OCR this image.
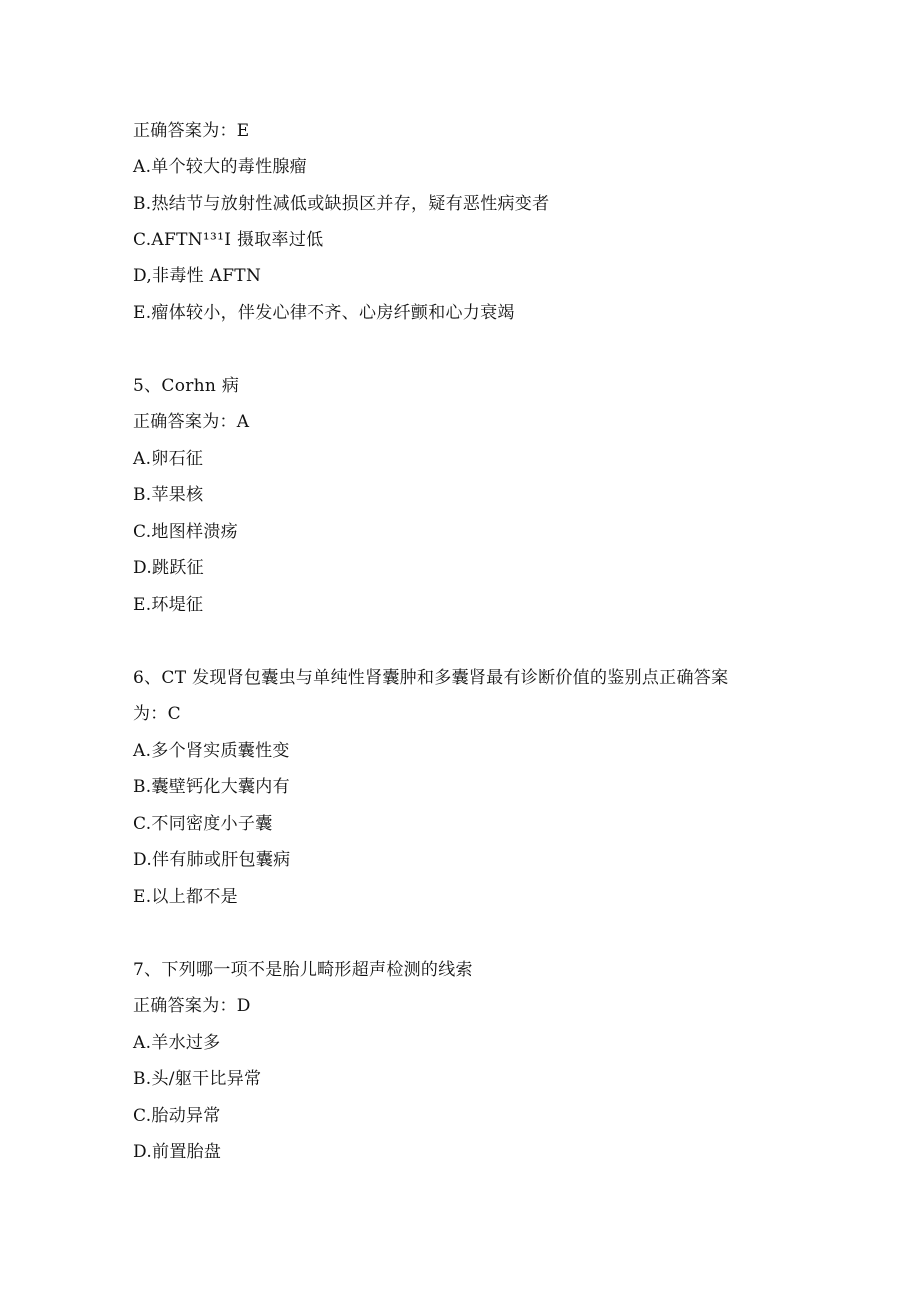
正确答案为：E
A.单个较大的毒性腺瘤
B.热结节与放射性减低或缺损区并存，疑有恶性病变者
C.AFTN¹³¹I 摄取率过低
D,非毒性 AFTN
E.瘤体较小，伴发心律不齐、心房纤颤和心力衰竭
5、Corhn 病
正确答案为：A
A.卵石征
B.苹果核
C.地图样溃疡
D.跳跃征
E.环堤征
6、CT 发现肾包囊虫与单纯性肾囊肿和多囊肾最有诊断价值的鉴别点正确答案
为：C
A.多个肾实质囊性变
B.囊壁钙化大囊内有
C.不同密度小子囊
D.伴有肺或肝包囊病
E.以上都不是
7、下列哪一项不是胎儿畸形超声检测的线索
正确答案为：D
A.羊水过多
B.头/躯干比异常
C.胎动异常
D.前置胎盘
